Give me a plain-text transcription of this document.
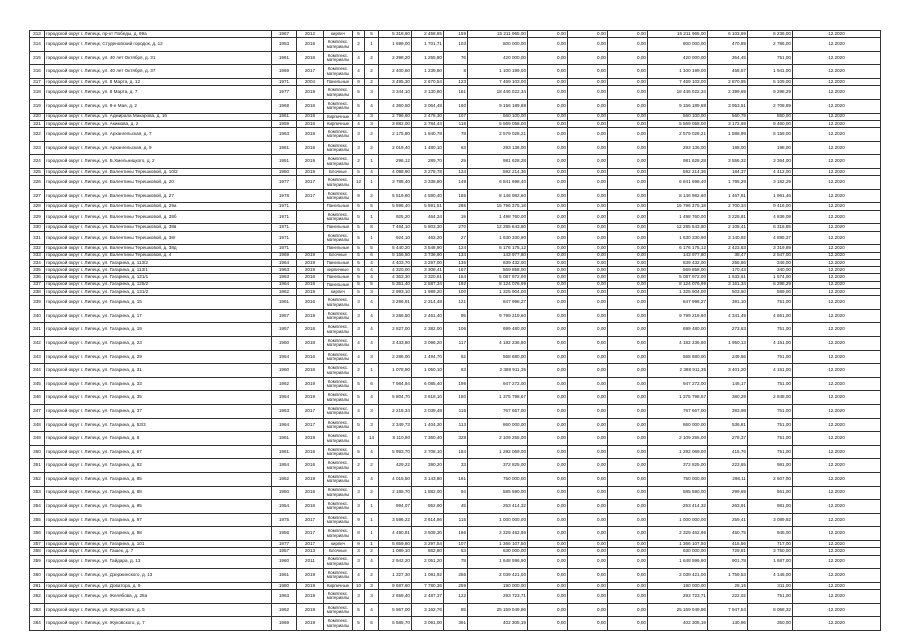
313	городской округ г. Липецк, пр-кт Победы, д. 99а	1967	2012	кирпич	5	5	5 318,60	2 458,65	159	15 211 965,00	0,00	0,00	0,00	15 211 965,00	6 103,69	6 236,00	12.2020
314	городской округ г. Липецк, Студеновский городок, д. 12	1953	2018	Комплекс. материалы	2	1	1 699,00	1 701,71	103	800 000,00	0,00	0,00	0,00	800 000,00	470,89	2 786,00	12.2020
315	городской округ г. Липецк, ул. 40 лет Октября, д. 31	1961	2018	Комплекс. материалы	4	2	2 398,20	1 255,80	76	420 000,00	0,00	0,00	0,00	420 000,00	354,45	751,00	12.2020
316	городской округ г. Липецк, ул. 40 лет Октября, д. 37	1969	2017	Комплекс. материалы	4	2	2 400,60	1 239,80	8	1 100 199,00	0,00	0,00	0,00	1 100 199,00	458,57	1 941,00	12.2020
317	городской округ г. Липецк, ул. 8 Марта, д. 12	1971	2004	Панельные	9	2	3 495,30	2 670,54	123	7 469 103,00	0,00	0,00	0,00	7 469 103,00	2 870,85	5 109,00	12.2020
318	городской округ г. Липецк, ул. 8 Марта, д. 7	1977	2019	Комплекс. материалы	5	3	3 344,10	3 130,80	161	18 446 022,34	0,00	0,00	0,00	18 446 022,34	2 399,69	9 298,29	12.2020
319	городской округ г. Липецк, ул. 9-е Мая, д. 2	1968	2018	Комплекс. материалы	5	4	4 360,50	3 064,48	160	9 156 189,88	0,00	0,00	0,00	9 156 189,88	3 953,51	2 708,89	12.2020
320	городской округ г. Липецк, ул. Адмирала Макарова, д. 16	1961	2018	Кирпичные	4	3	2 796,60	2 478,30	107	560 100,00	0,00	0,00	0,00	560 100,00	560,79	860,00	12.2020
321	городской округ г. Липецк, ул. Акимова, д. 2	1959	2018	Кирпичные	4	3	3 882,00	2 784,44	118	5 569 058,00	0,00	0,00	0,00	5 569 058,00	3 172,69	9 460,00	12.2020
322	городской округ г. Липецк, ул. Архангельская, д. 7	1963	2018	Комплекс. материалы	3	2	2 175,80	1 840,78	78	2 579 028,21	0,00	0,00	0,00	2 579 028,21	1 588,99	6 159,00	12.2020
323	городской округ г. Липецк, ул. Архангельская, д. 9	1961	2018	Комплекс. материалы	3	2	2 019,40	1 480,10	63	293 136,00	0,00	0,00	0,00	293 136,00	198,00	198,00	12.2020
324	городской округ г. Липецк, ул. Б.Хмельницкого, д. 2	1951	2019	Комплекс. материалы	2	1	296,12	289,70	29	981 628,28	0,00	0,00	0,00	981 628,28	3 556,32	3 364,00	12.2020
325	городской округ г. Липецк, ул. Валентины Терешковой, д. 10/2	1960	2019	Блочные	5	4	4 098,90	3 278,78	134	592 214,36	0,00	0,00	0,00	592 214,36	184,37	4 412,00	12.2020
326	городской округ г. Липецк, ул. Валентины Терешковой, д. 20	1977	2017	Комплекс. материалы	12	1	3 788,40	3 338,80	149	6 841 698,40	0,00	0,00	0,00	6 841 698,40	1 795,29	3 182,29	12.2020
327	городской округ г. Липецк, ул. Валентины Терешковой, д. 27	1978	2017	Комплекс. материалы	9	2	5 519,60	4 590,40	165	8 146 982,60	0,00	0,00	0,00	8 146 982,60	1 467,81	1 961,46	12.2020
328	городской округ г. Липецк, ул. Валентины Терешковой, д. 29а	1971		Панельные	5	5	5 596,40	5 591,51	285	15 796 375,18	0,00	0,00	0,00	15 796 375,18	2 700,34	9 416,00	12.2020
329	городской округ г. Липецк, ул. Валентины Терешковой, д. 38б	1971		Комплекс. материалы	5	1	925,20	464,34	19	1 498 760,00	0,00	0,00	0,00	1 498 760,00	3 228,81	4 836,09	12.2020
330	городской округ г. Липецк, ул. Валентины Терешковой, д. 38в	1971		Панельные	5	8	7 464,10	5 803,30	270	12 285 643,80	0,00	0,00	0,00	12 285 643,80	2 108,41	6 316,85	12.2020
331	городской округ г. Липецк, ул. Валентины Терешковой, д. 38г	1971		Комплекс. материалы	5	1	924,10	463,20	27	1 630 330,90	0,00	0,00	0,00	1 630 330,90	3 140,92	4 895,37	12.2020
332	городской округ г. Липецк, ул. Валентины Терешковой, д. 38д	1971		Панельные	5	5	5 440,20	3 548,90	124	6 176 175,12	0,00	0,00	0,00	6 176 175,12	2 423,63	3 319,89	12.2020
333	городской округ г. Липецк, ул. Валентины Терешковой, д. 4	1969	2019	Блочные	5	6	5 156,50	3 736,90	134	143 977,80	0,00	0,00	0,00	143 977,80	38,47	2 547,00	12.2020
334	городской округ г. Липецк, ул. Гагарина, д. 113/2	1964	2019	Панельные	5	4	4 403,70	3 297,00	136	839 432,00	0,00	0,00	0,00	839 432,00	256,86	346,00	12.2020
335	городской округ г. Липецк, ул. Гагарина, д. 113/1	1963	2019	кирпичные	5	4	4 320,00	3 308,41	167	569 858,00	0,00	0,00	0,00	569 858,00	170,43	340,00	12.2020
336	городской округ г. Липецк, ул. Гагарина, д. 121/1	1963	2018	Панельные	5	4	4 363,30	3 320,61	154	5 087 972,00	0,00	0,00	0,00	5 087 972,00	1 533,61	1 574,00	12.2020
337	городской округ г. Липецк, ул. Гагарина, д. 125/2	1964	2018	Панельные	5	5	5 351,40	2 587,34	192	8 124 076,99	0,00	0,00	0,00	8 124 076,99	3 161,34	6 298,29	12.2020
338	городской округ г. Липецк, ул. Гагарина, д. 131/2	1962	2019	кирпич	5	3	2 993,10	1 989,20	100	1 325 904,00	0,00	0,00	0,00	1 325 904,00	503,50	589,00	12.2020
339	городской округ г. Липецк, ул. Гагарина, д. 15	1961	2016	Комплекс. материалы	3	4	3 286,91	2 314,48	121	847 998,27	0,00	0,00	0,00	847 998,27	391,10	751,00	12.2020
340	городской округ г. Липецк, ул. Гагарина, д. 17	1957	2019	Комплекс. материалы	3	4	3 266,50	2 461,40	95	9 799 219,60	0,00	0,00	0,00	9 799 219,60	4 341,49	4 651,00	12.2020
341	городской округ г. Липецк, ул. Гагарина, д. 19	1957	2018	Комплекс. материалы	3	4	2 827,00	2 382,00	106	699 480,00	0,00	0,00	0,00	699 480,00	273,63	751,00	12.2020
342	городской округ г. Липецк, ул. Гагарина, д. 23	1960	2018	Комплекс. материалы	4	4	3 433,80	3 096,20	117	4 182 236,80	0,00	0,00	0,00	4 182 236,80	1 950,13	4 151,00	12.2020
343	городской округ г. Липецк, ул. Гагарина, д. 29	1964	2016	Комплекс. материалы	4	3	2 286,00	1 494,70	62	568 680,00	0,00	0,00	0,00	568 680,00	249,56	751,00	12.2020
344	городской округ г. Липецк, ул. Гагарина, д. 31	1960	2018	Комплекс. материалы	2	1	1 078,90	1 050,10	63	2 388 911,35	0,00	0,00	0,00	2 388 911,35	3 401,20	4 151,00	12.2020
345	городской округ г. Липецк, ул. Гагарина, д. 33	1962	2019	Комплекс. материалы	5	6	7 984,94	6 085,40	199	947 272,00	0,00	0,00	0,00	947 272,00	148,17	751,00	12.2020
346	городской округ г. Липецк, ул. Гагарина, д. 35	1964	2019	Комплекс. материалы	5	4	5 804,70	3 618,10	150	1 375 798,67	0,00	0,00	0,00	1 375 798,67	380,29	2 848,00	12.2020
347	городской округ г. Липецк, ул. Гагарина, д. 37	1963	2017	Комплекс. материалы	4	3	2 218,34	2 039,48	115	767 667,00	0,00	0,00	0,00	767 667,00	393,98	751,00	12.2020
348	городской округ г. Липецк, ул. Гагарина, д. 53/3	1964	2017	Комплекс. материалы	5	3	2 349,73	1 404,30	113	860 000,00	0,00	0,00	0,00	860 000,00	536,81	751,00	12.2020
349	городской округ г. Липецк, ул. Гагарина, д. 6	1961	2019	Комплекс. материалы	4	14	8 110,90	7 360,40	328	2 109 255,00	0,00	0,00	0,00	2 109 255,00	278,37	751,00	12.2020
350	городской округ г. Липецк, ул. Гагарина, д. 67	1961	2018	Комплекс. материалы	5	4	5 993,70	2 708,10	184	1 292 069,00	0,00	0,00	0,00	1 292 069,00	415,76	751,00	12.2020
351	городской округ г. Липецк, ул. Гагарина, д. 82	1954	2016	Комплекс. материалы	2	2	429,22	390,20	33	372 825,00	0,00	0,00	0,00	372 825,00	223,65	981,00	12.2020
352	городской округ г. Липецк, ул. Гагарина, д. 85	1962	2019	Комплекс. материалы	3	4	4 015,50	3 143,80	161	750 000,00	0,00	0,00	0,00	750 000,00	298,11	2 607,00	12.2020
353	городской округ г. Липецк, ул. Гагарина, д. 88	1960	2018	Комплекс. материалы	3	2	2 188,70	1 882,00	94	585 590,00	0,00	0,00	0,00	585 590,00	299,69	561,00	12.2020
354	городской округ г. Липецк, ул. Гагарина, д. 95	1954	2018	Комплекс. материалы	3	1	994,07	952,90	45	253 414,32	0,00	0,00	0,00	253 414,32	263,91	981,00	12.2020
355	городской округ г. Липецк, ул. Гагарина, д. 97	1975	2017	Комплекс. материалы	9	1	3 596,22	3 614,86	115	1 000 000,00	0,00	0,00	0,00	1 000 000,00	259,41	3 089,92	12.2020
356	городской округ г. Липецк, ул. Гагарина, д. 98	1956	2017	Комплекс. материалы	8	1	4 490,91	3 509,30	166	2 329 462,86	0,00	0,00	0,00	2 329 462,86	450,75	945,00	12.2020
357	городской округ г. Липецк, ул. Гагарина, д. 101	1977	2017	кирпич	9	1	5 659,80	3 297,54	107	1 366 107,50	0,00	0,00	0,00	1 366 107,50	415,56	717,00	12.2020
358	городской округ г. Липецк, ул. Гашек, д. 7	1957	2013	Блочные	3	2	1 089,10	862,80	53	630 000,00	0,00	0,00	0,00	630 000,00	729,81	3 750,00	12.2020
359	городской округ г. Липецк, ул. Гайдара, д. 13	1960	2011	Комплекс. материалы	3	4	2 943,20	2 051,20	78	1 648 596,90	0,00	0,00	0,00	1 648 596,90	901,78	1 687,00	12.2020
360	городской округ г. Липецк, ул. Дзержинского, д. 13	1961	2019	Комплекс. материалы	4	2	1 327,30	1 081,92	256	2 039 421,00	0,00	0,00	0,00	2 039 421,00	1 759,53	4 146,00	12.2020
361	городской округ г. Липецк, ул. Доватора, д. 9	1980	2019	Кирпичные	10	3	9 687,60	7 780,36	259	190 000,00	0,00	0,00	0,00	190 000,00	28,15	311,00	12.2020
362	городской округ г. Липецк, ул. Желябова, д. 28а	1963	2019	Комплекс. материалы	3	3	2 659,40	2 487,37	122	293 723,71	0,00	0,00	0,00	293 723,71	222,02	751,00	12.2020
363	городской округ г. Липецк, ул. Жуковского, д. 5	1962	2019	Комплекс. материалы	5	4	5 867,00	3 162,76	85	25 159 049,86	0,00	0,00	0,00	25 159 049,86	7 947,54	8 058,32	12.2020
364	городской округ г. Липецк, ул. Жуковского, д. 7	1969	2019	Комплекс. материалы	5	5	5 585,70	3 091,00	391	402 305,19	0,00	0,00	0,00	402 305,19	130,96	350,00	12.2020
